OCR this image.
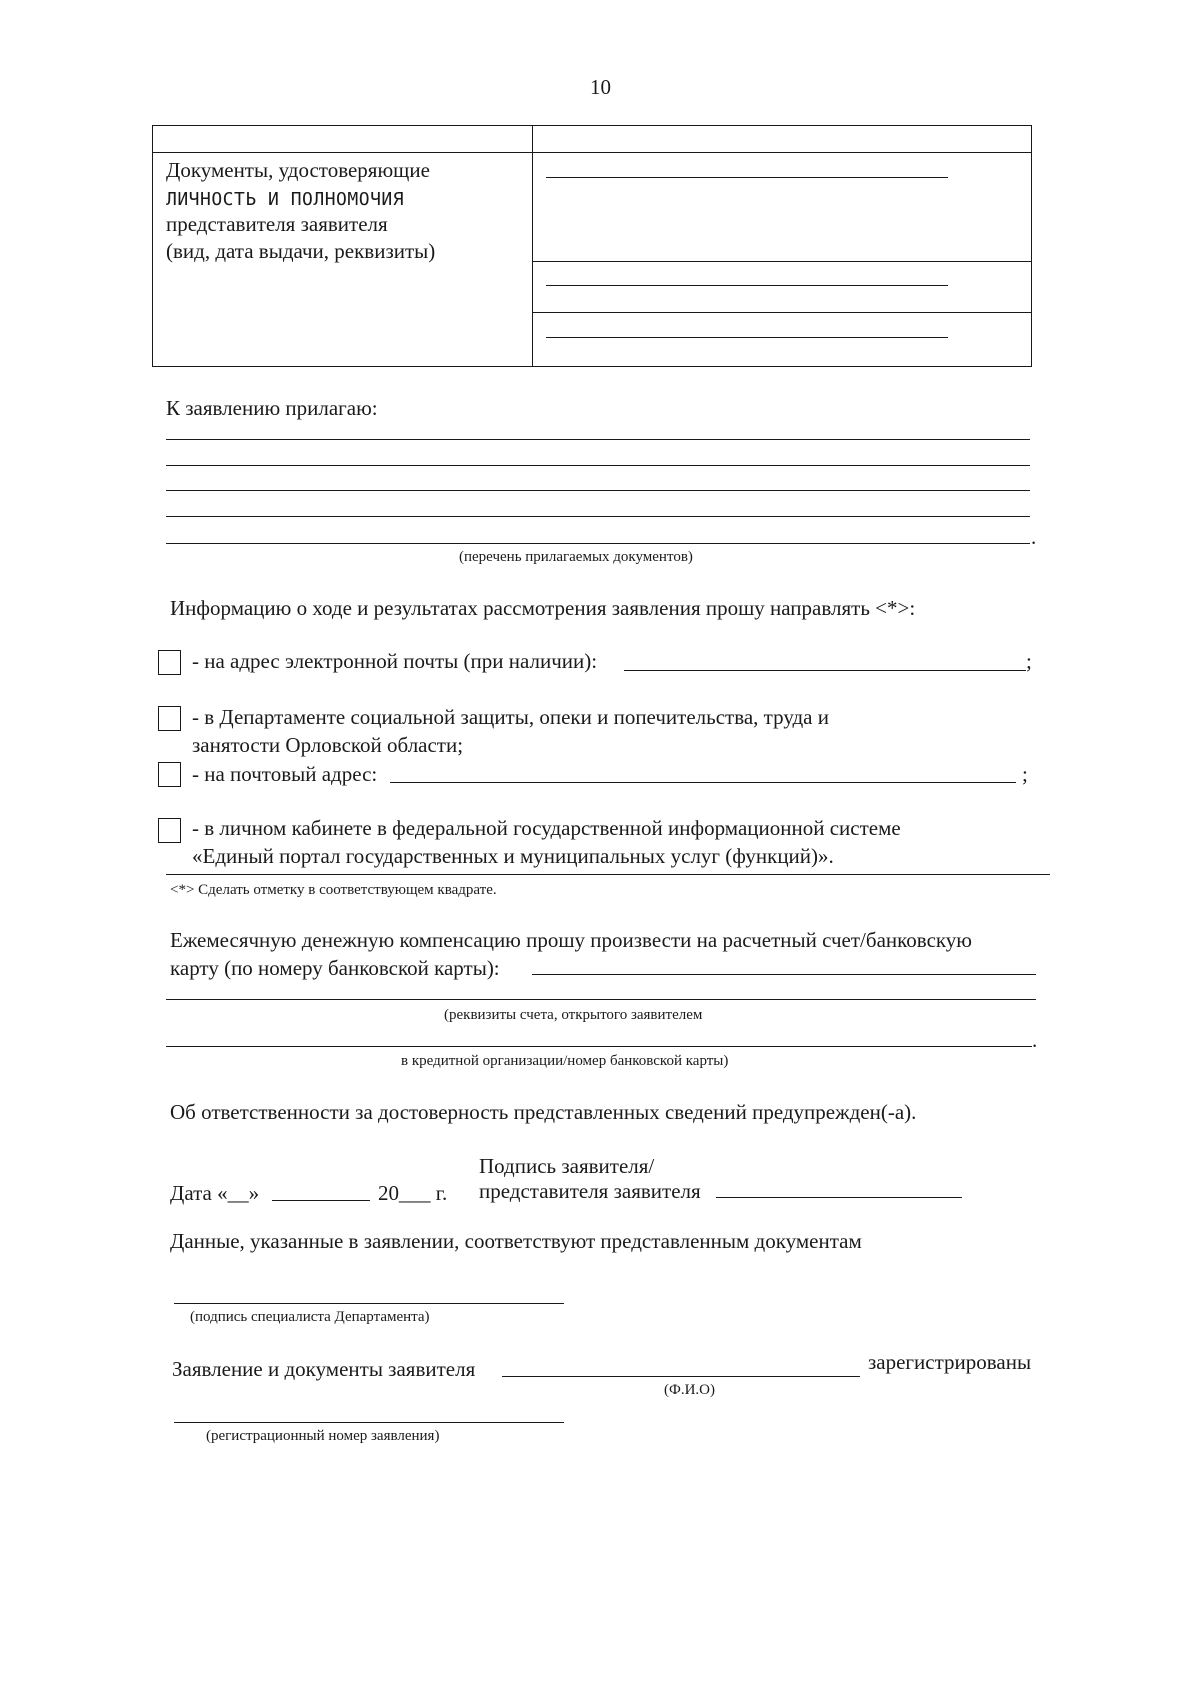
10
Документы, удостоверяющие
ЛИЧНОСТЬ И ПОЛНОМОЧИЯ
представителя заявителя
(вид, дата выдачи, реквизиты)
К заявлению прилагаю:
.
(перечень прилагаемых документов)
Информацию о ходе и результатах рассмотрения заявления прошу направлять <*>:
- на адрес электронной почты (при наличии):	;
- в Департаменте социальной защиты, опеки и попечительства, труда и
занятости Орловской области;
- на почтовый адрес:	;
- в личном кабинете в федеральной государственной информационной системе
«Единый портал государственных и муниципальных услуг (функций)».
<*> Сделать отметку в соответствующем квадрате.
Ежемесячную денежную компенсацию прошу произвести на расчетный счет/банковскую
карту (по номеру банковской карты):
(реквизиты счета, открытого заявителем
.
в кредитной организации/номер банковской карты)
Об ответственности за достоверность представленных сведений предупрежден(-а).
Подпись заявителя/
Дата «__»	20___ г. представителя заявителя
Данные, указанные в заявлении, соответствуют представленным документам
(подпись специалиста Департамента)
Заявление и документы заявителя	зарегистрированы
(Ф.И.О)
(регистрационный номер заявления)
